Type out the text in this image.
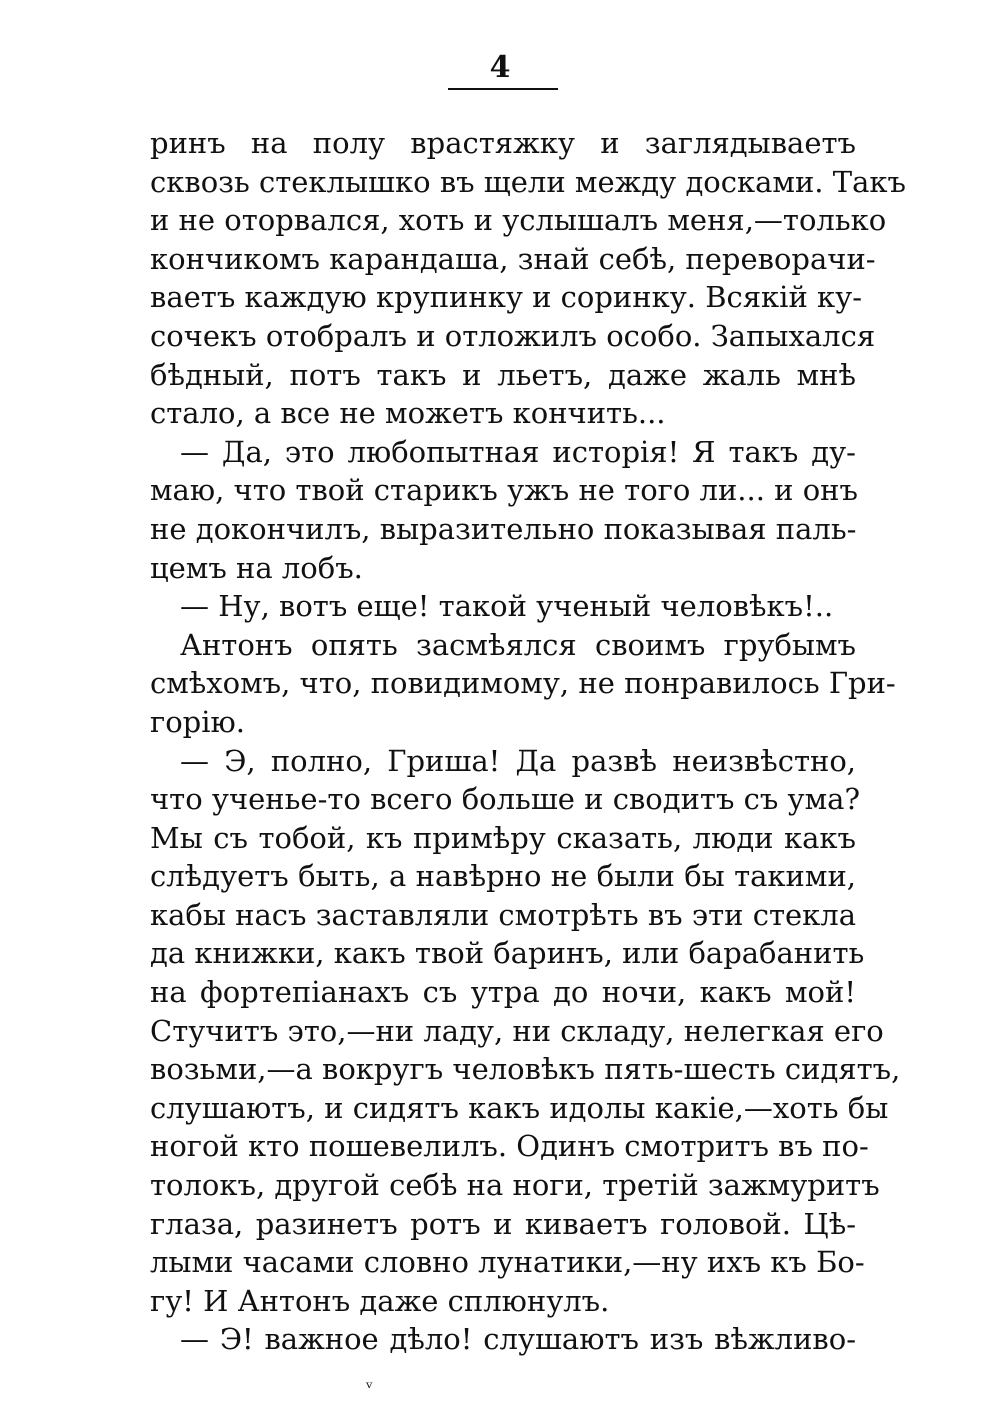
4
ринъ на полу врастяжку и заглядываетъ
сквозь стеклышко въ щели между досками. Такъ
и не оторвался, хоть и услышалъ меня,—только
кончикомъ карандаша, знай себѣ, переворачи-
ваетъ каждую крупинку и соринку. Всякій ку-
сочекъ отобралъ и отложилъ особо. Запыхался
бѣдный, потъ такъ и льетъ, даже жаль мнѣ
стало, а все не можетъ кончить...
— Да, это любопытная исторія! Я такъ ду-
маю, что твой старикъ ужъ не того ли... и онъ
не докончилъ, выразительно показывая паль-
цемъ на лобъ.
— Ну, вотъ еще! такой ученый человѣкъ!..
Антонъ опять засмѣялся своимъ грубымъ
смѣхомъ, что, повидимому, не понравилось Гри-
горію.
— Э, полно, Гриша! Да развѣ неизвѣстно,
что ученье-то всего больше и сводитъ съ ума?
Мы съ тобой, къ примѣру сказать, люди какъ
слѣдуетъ быть, а навѣрно не были бы такими,
кабы насъ заставляли смотрѣть въ эти стекла
да книжки, какъ твой баринъ, или барабанить
на фортепіанахъ съ утра до ночи, какъ мой!
Стучитъ это,—ни ладу, ни складу, нелегкая его
возьми,—а вокругъ человѣкъ пять-шесть сидятъ,
слушаютъ, и сидятъ какъ идолы какіе,—хоть бы
ногой кто пошевелилъ. Одинъ смотритъ въ по-
толокъ, другой себѣ на ноги, третій зажмуритъ
глаза, разинетъ ротъ и киваетъ головой. Цѣ-
лыми часами словно лунатики,—ну ихъ къ Бо-
гу! И Антонъ даже сплюнулъ.
— Э! важное дѣло! слушаютъ изъ вѣжливо-
ᵛ
